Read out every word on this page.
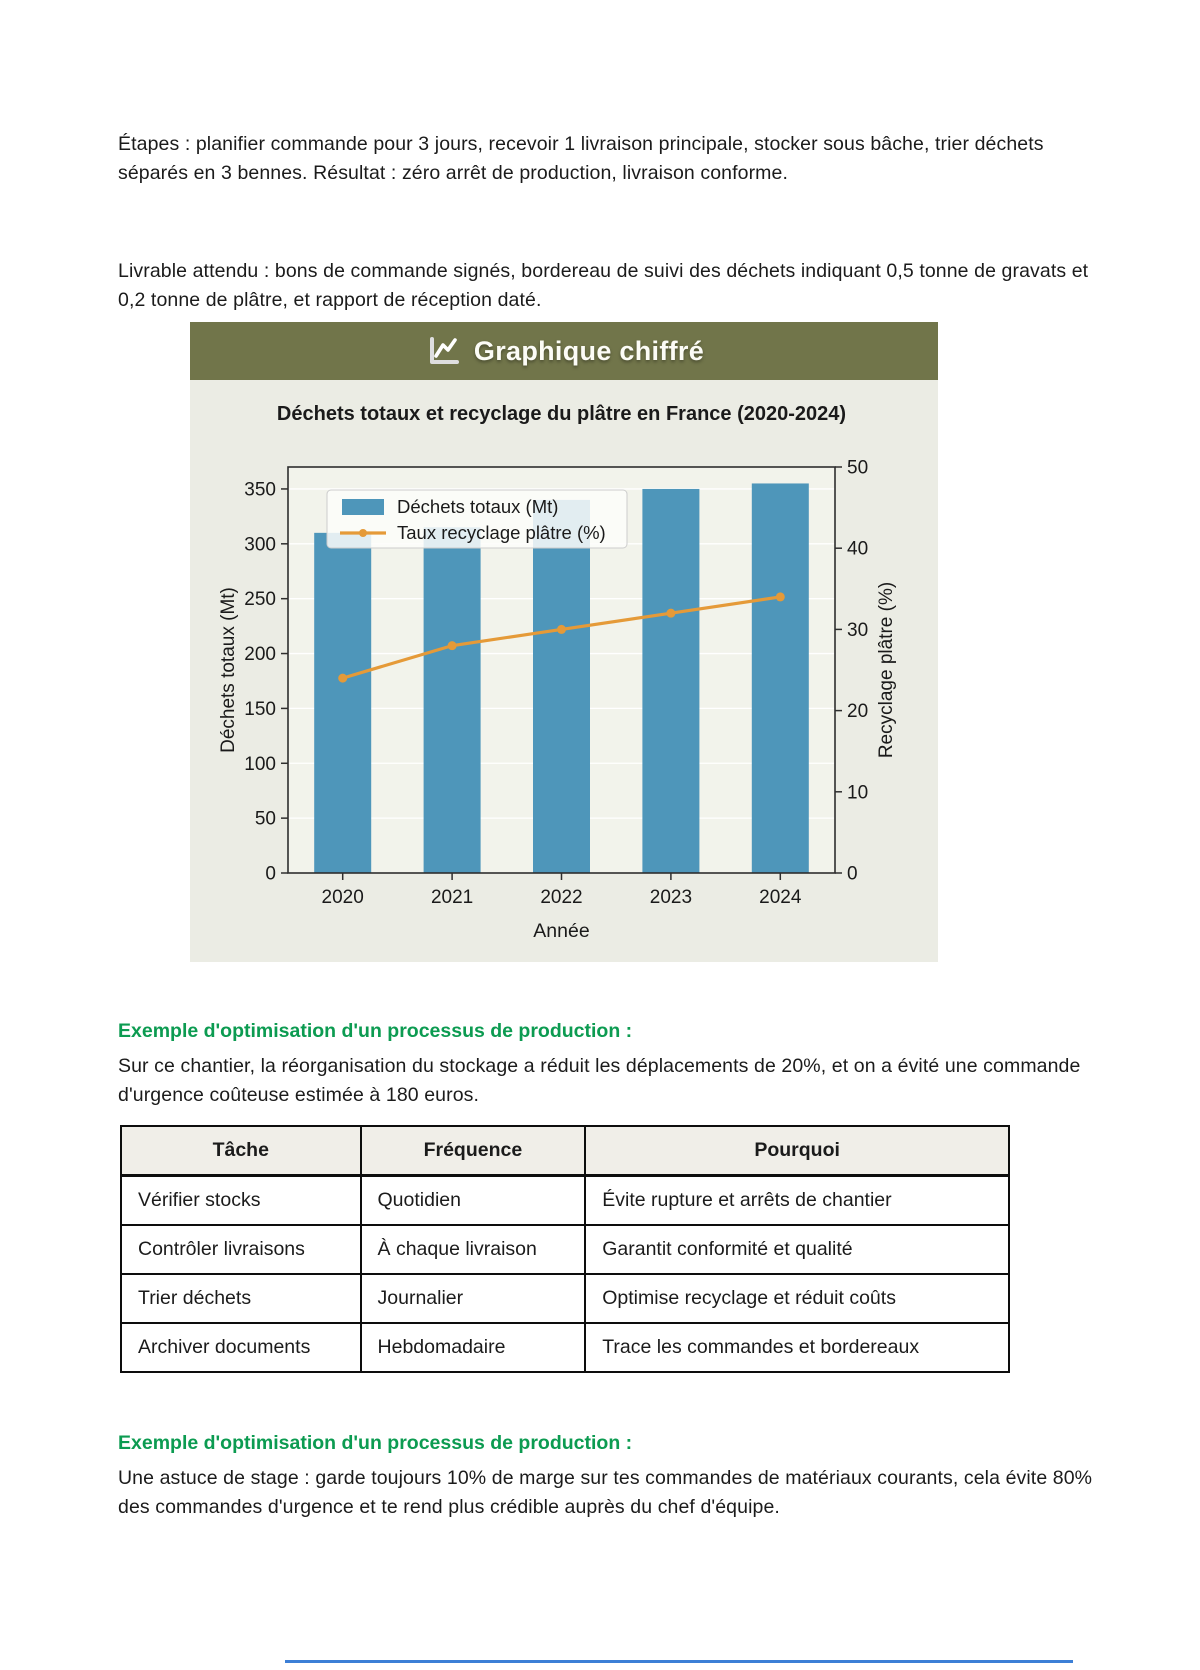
Étapes : planifier commande pour 3 jours, recevoir 1 livraison principale, stocker sous bâche, trier déchets séparés en 3 bennes. Résultat : zéro arrêt de production, livraison conforme.

Livrable attendu : bons de commande signés, bordereau de suivi des déchets indiquant 0,5 tonne de gravats et 0,2 tonne de plâtre, et rapport de réception daté.

Graphique chiffré
0
50
100
150
200
250
300
350
0
10
20
30
40
50
2020	2021	2022	2023	2024
Déchets totaux et recyclage du plâtre en France (2020-2024)
Déchets totaux (Mt)	Recyclage plâtre (%)
Année
Déchets totaux (Mt)
Taux recyclage plâtre (%)

Exemple d'optimisation d'un processus de production :

Sur ce chantier, la réorganisation du stockage a réduit les déplacements de 20%, et on a évité une commande d'urgence coûteuse estimée à 180 euros.

Tâche	Fréquence	Pourquoi
Vérifier stocks	Quotidien	Évite rupture et arrêts de chantier
Contrôler livraisons	À chaque livraison	Garantit conformité et qualité
Trier déchets	Journalier	Optimise recyclage et réduit coûts
Archiver documents	Hebdomadaire	Trace les commandes et bordereaux

Exemple d'optimisation d'un processus de production :

Une astuce de stage : garde toujours 10% de marge sur tes commandes de matériaux courants, cela évite 80% des commandes d'urgence et te rend plus crédible auprès du chef d'équipe.
